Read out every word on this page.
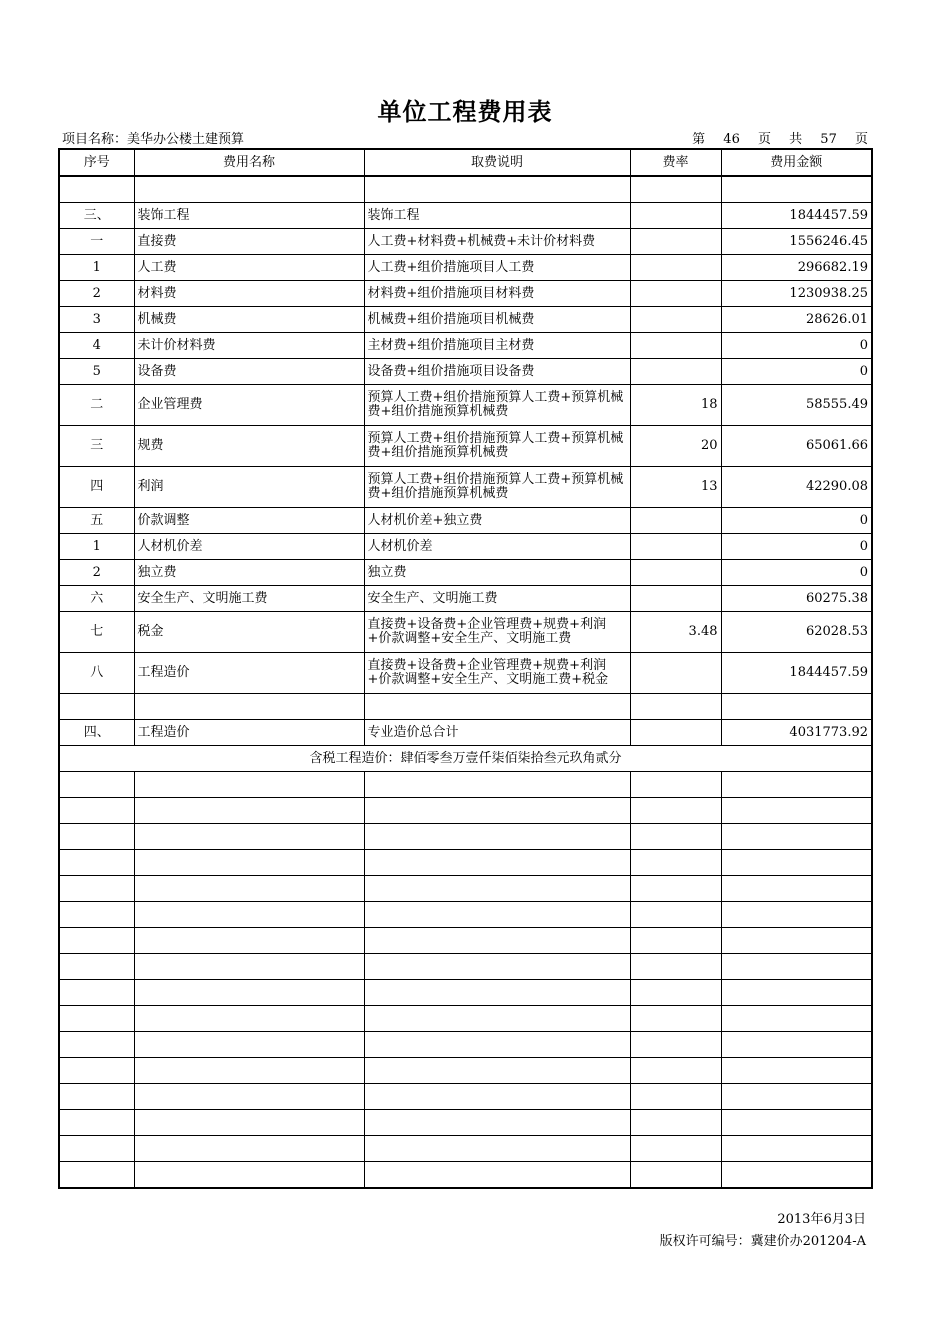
单位工程费用表
项目名称：美华办公楼土建预算	第 46 页 共 57 页
序号	费用名称	取费说明	费率	费用金额

三、	装饰工程	装饰工程		1844457.59
一	直接费	人工费+材料费+机械费+未计价材料费		1556246.45
1	人工费	人工费+组价措施项目人工费		296682.19
2	材料费	材料费+组价措施项目材料费		1230938.25
3	机械费	机械费+组价措施项目机械费		28626.01
4	未计价材料费	主材费+组价措施项目主材费		0
5	设备费	设备费+组价措施项目设备费		0
二	企业管理费	预算人工费+组价措施预算人工费+预算机械费+组价措施预算机械费	18	58555.49
三	规费	预算人工费+组价措施预算人工费+预算机械费+组价措施预算机械费	20	65061.66
四	利润	预算人工费+组价措施预算人工费+预算机械费+组价措施预算机械费	13	42290.08
五	价款调整	人材机价差+独立费		0
1	人材机价差	人材机价差		0
2	独立费	独立费		0
六	安全生产、文明施工费	安全生产、文明施工费		60275.38
七	税金	直接费+设备费+企业管理费+规费+利润+价款调整+安全生产、文明施工费	3.48	62028.53
八	工程造价	直接费+设备费+企业管理费+规费+利润+价款调整+安全生产、文明施工费+税金		1844457.59

四、	工程造价	专业造价总合计		4031773.92
含税工程造价：肆佰零叁万壹仟柒佰柒拾叁元玖角贰分				

2013年6月3日
版权许可编号：冀建价办201204-A
